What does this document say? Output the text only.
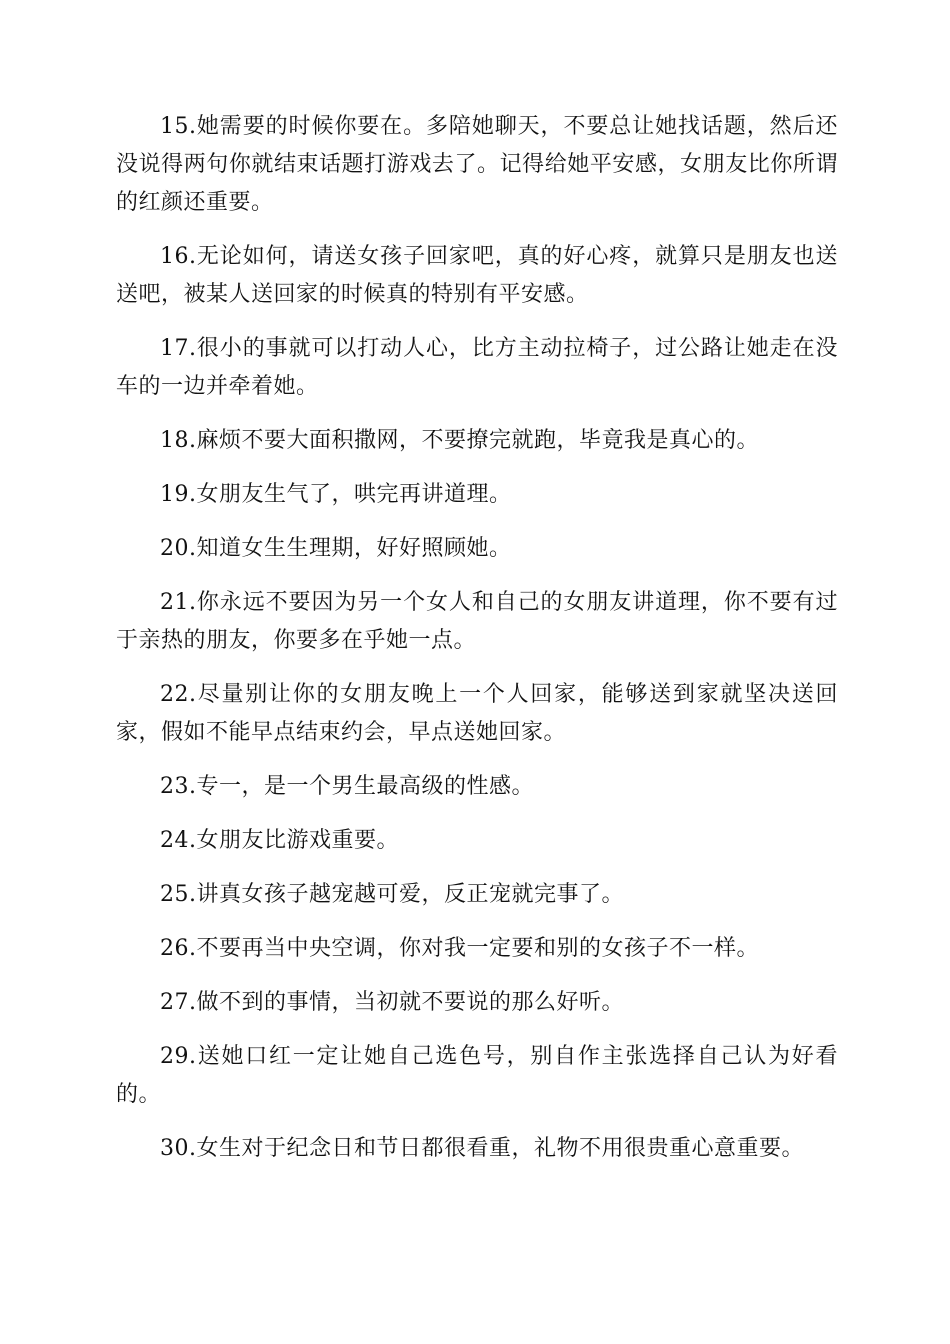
15.她需要的时候你要在。多陪她聊天，不要总让她找话题，然后还没说得两句你就结束话题打游戏去了。记得给她平安感，女朋友比你所谓的红颜还重要。

16.无论如何，请送女孩子回家吧，真的好心疼，就算只是朋友也送送吧，被某人送回家的时候真的特别有平安感。

17.很小的事就可以打动人心，比方主动拉椅子，过公路让她走在没车的一边并牵着她。

18.麻烦不要大面积撒网，不要撩完就跑，毕竟我是真心的。

19.女朋友生气了，哄完再讲道理。

20.知道女生生理期，好好照顾她。

21.你永远不要因为另一个女人和自己的女朋友讲道理，你不要有过于亲热的朋友，你要多在乎她一点。

22.尽量别让你的女朋友晚上一个人回家，能够送到家就坚决送回家，假如不能早点结束约会，早点送她回家。

23.专一，是一个男生最高级的性感。

24.女朋友比游戏重要。

25.讲真女孩子越宠越可爱，反正宠就完事了。

26.不要再当中央空调，你对我一定要和别的女孩子不一样。

27.做不到的事情，当初就不要说的那么好听。

29.送她口红一定让她自己选色号，别自作主张选择自己认为好看的。

30.女生对于纪念日和节日都很看重，礼物不用很贵重心意重要。
